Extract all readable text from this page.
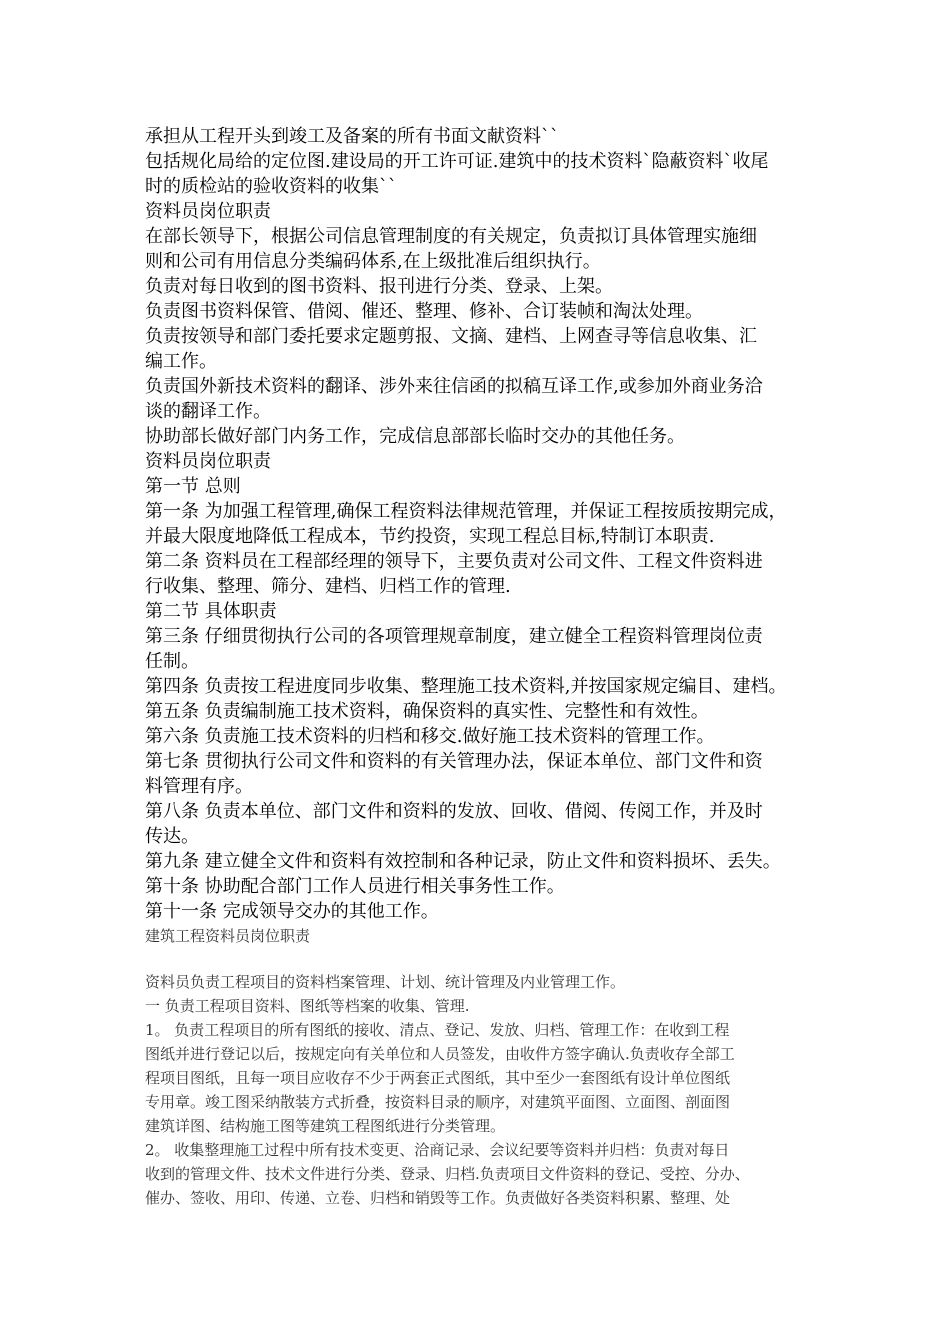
承担从工程开头到竣工及备案的所有书面文献资料``

包括规化局给的定位图.建设局的开工许可证.建筑中的技术资料`隐蔽资料`收尾

时的质检站的验收资料的收集``

资料员岗位职责

在部长领导下，根据公司信息管理制度的有关规定，负责拟订具体管理实施细

则和公司有用信息分类编码体系,在上级批准后组织执行。

负责对每日收到的图书资料、报刊进行分类、登录、上架。

负责图书资料保管、借阅、催还、整理、修补、合订装帧和淘汰处理。

负责按领导和部门委托要求定题剪报、文摘、建档、上网查寻等信息收集、汇

编工作。

负责国外新技术资料的翻译、涉外来往信函的拟稿互译工作,或参加外商业务洽

谈的翻译工作。

协助部长做好部门内务工作，完成信息部部长临时交办的其他任务。

资料员岗位职责

第一节 总则

第一条 为加强工程管理,确保工程资料法律规范管理，并保证工程按质按期完成，

并最大限度地降低工程成本，节约投资，实现工程总目标,特制订本职责.

第二条 资料员在工程部经理的领导下，主要负责对公司文件、工程文件资料进

行收集、整理、筛分、建档、归档工作的管理.

第二节 具体职责

第三条 仔细贯彻执行公司的各项管理规章制度，建立健全工程资料管理岗位责

任制。

第四条 负责按工程进度同步收集、整理施工技术资料,并按国家规定编目、建档。

第五条 负责编制施工技术资料，确保资料的真实性、完整性和有效性。

第六条 负责施工技术资料的归档和移交.做好施工技术资料的管理工作。

第七条 贯彻执行公司文件和资料的有关管理办法，保证本单位、部门文件和资

料管理有序。

第八条 负责本单位、部门文件和资料的发放、回收、借阅、传阅工作，并及时

传达。

第九条 建立健全文件和资料有效控制和各种记录，防止文件和资料损坏、丢失。

第十条 协助配合部门工作人员进行相关事务性工作。

第十一条 完成领导交办的其他工作。

建筑工程资料员岗位职责

资料员负责工程项目的资料档案管理、计划、统计管理及内业管理工作。

一 负责工程项目资料、图纸等档案的收集、管理.

1。 负责工程项目的所有图纸的接收、清点、登记、发放、归档、管理工作：在收到工程

图纸并进行登记以后，按规定向有关单位和人员签发，由收件方签字确认.负责收存全部工

程项目图纸，且每一项目应收存不少于两套正式图纸，其中至少一套图纸有设计单位图纸

专用章。竣工图采纳散装方式折叠，按资料目录的顺序，对建筑平面图、立面图、剖面图

建筑详图、结构施工图等建筑工程图纸进行分类管理。

2。 收集整理施工过程中所有技术变更、洽商记录、会议纪要等资料并归档：负责对每日

收到的管理文件、技术文件进行分类、登录、归档.负责项目文件资料的登记、受控、分办、

催办、签收、用印、传递、立卷、归档和销毁等工作。负责做好各类资料积累、整理、处
